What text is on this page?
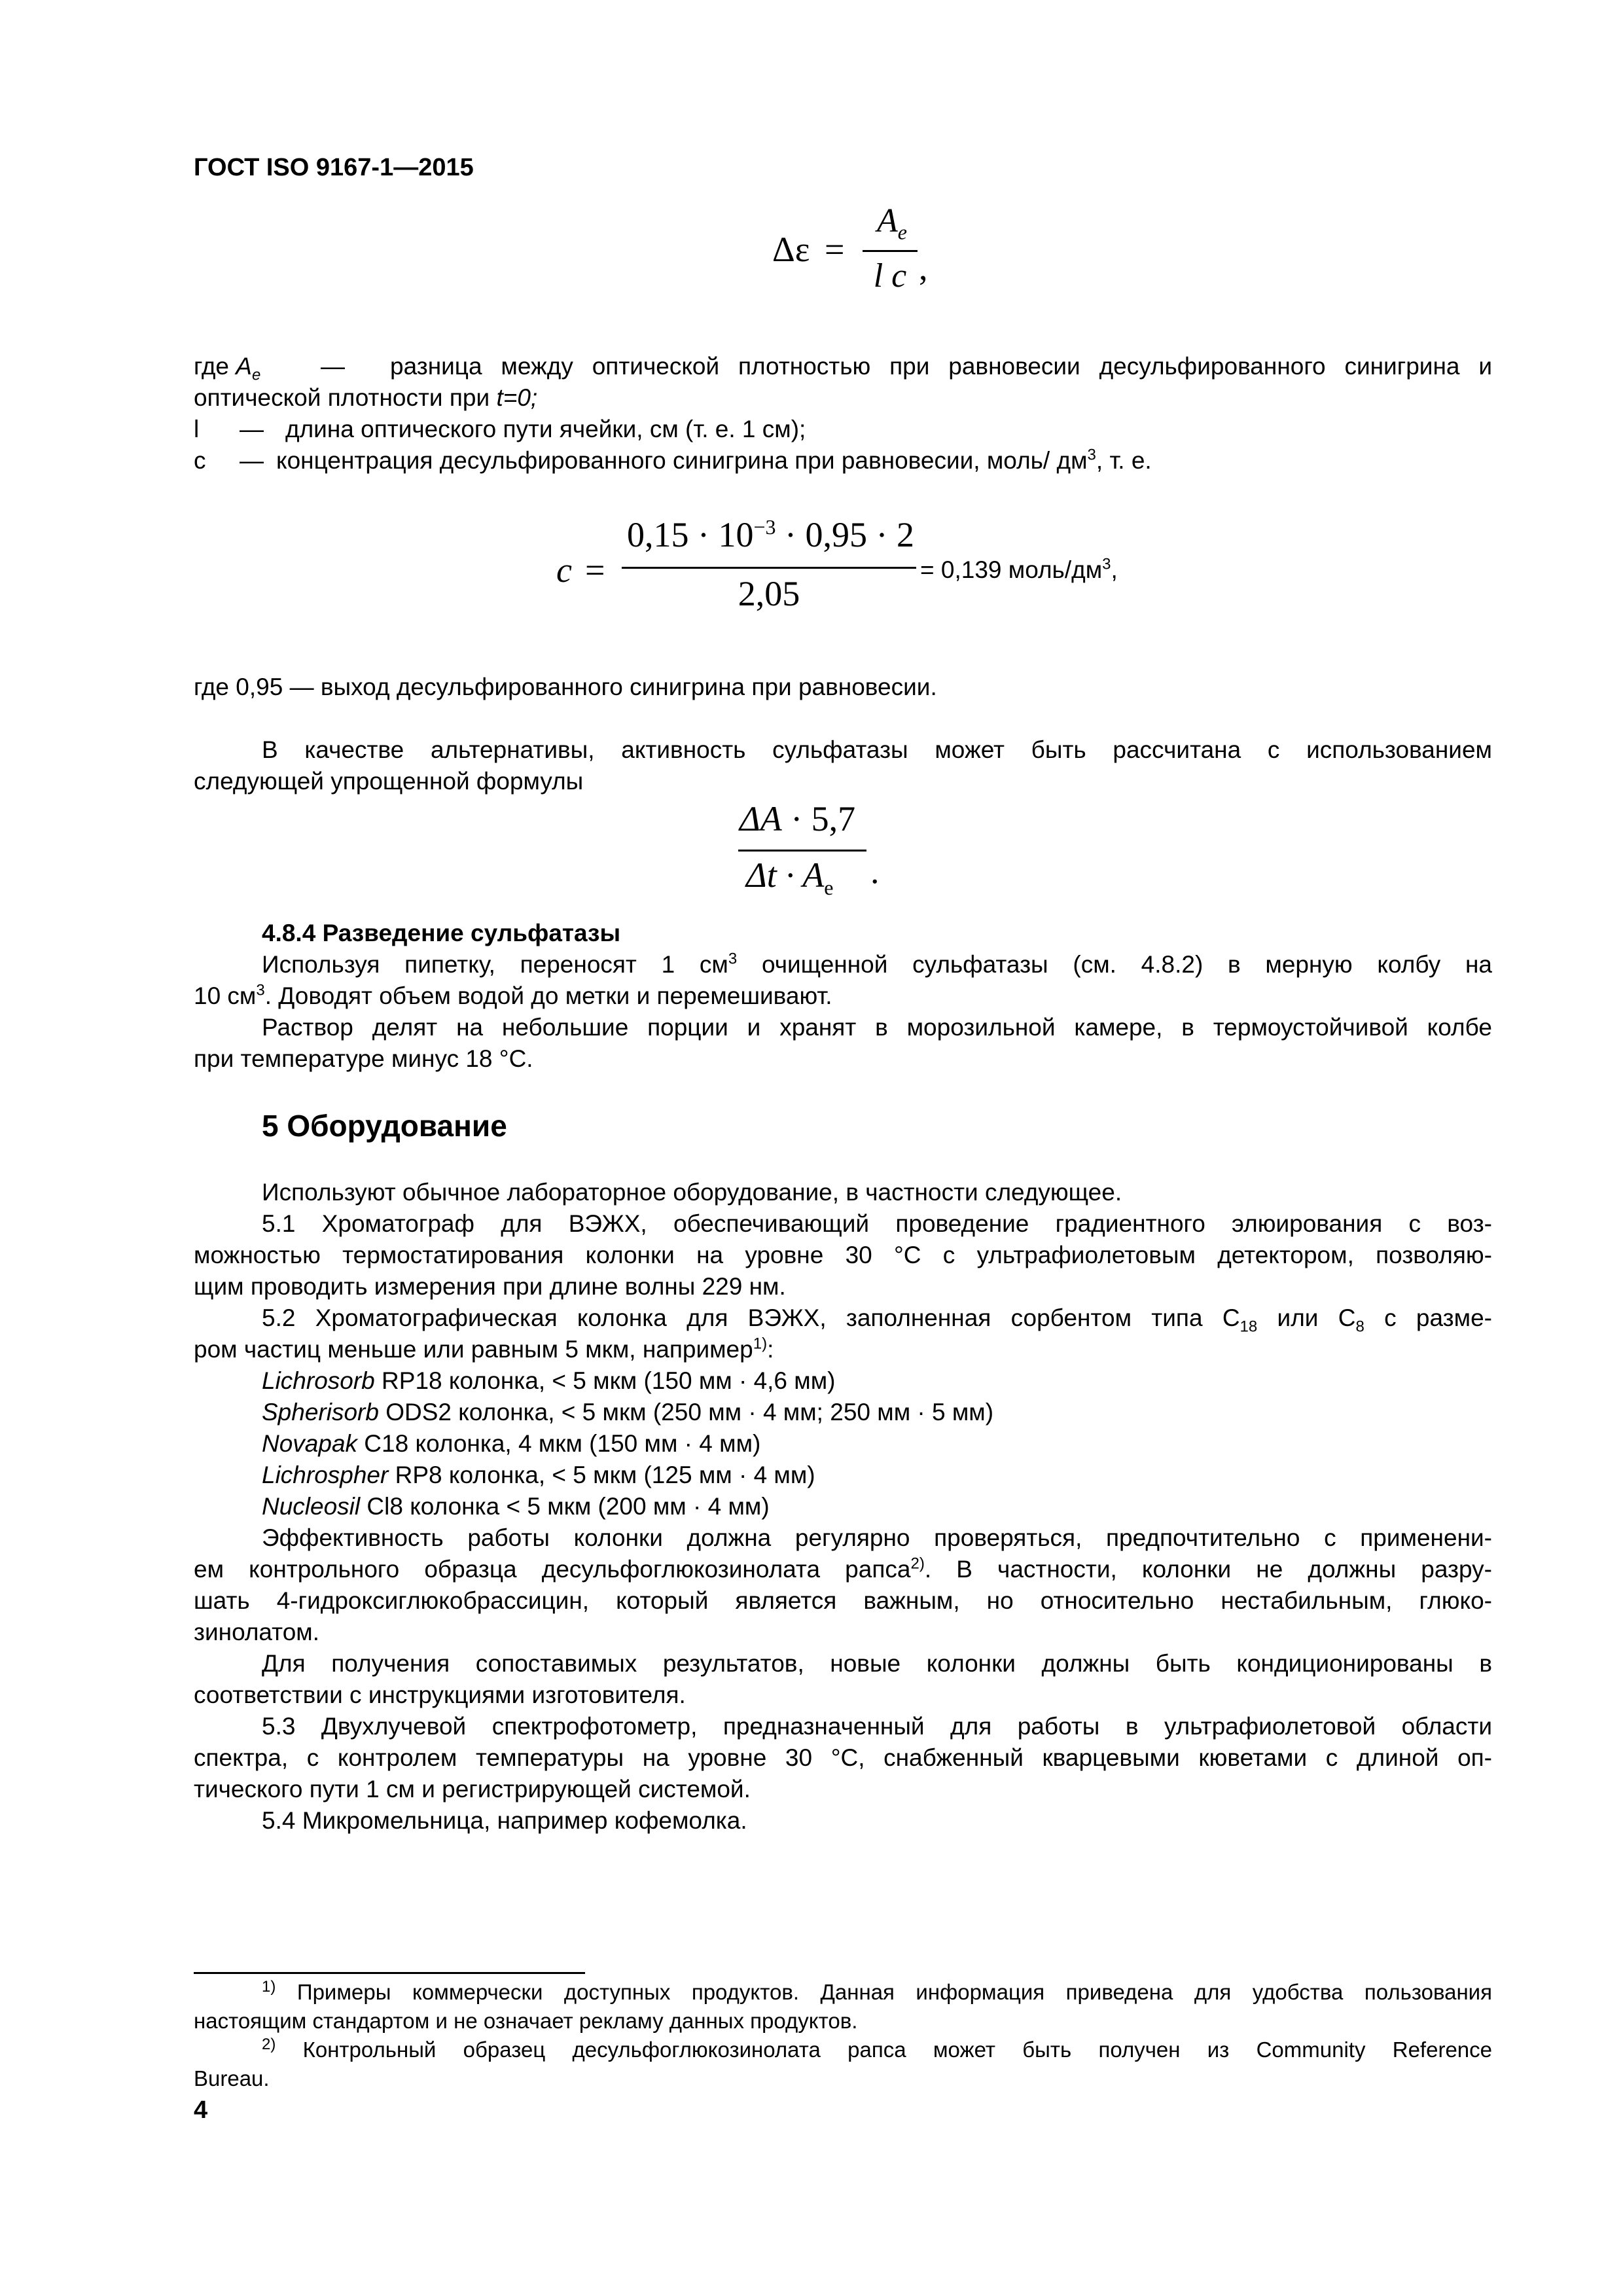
ГОСТ ISO 9167-1—2015
Δε =
$A_e$
l c ,
где $A_e$ — разница между оптической плотностью при равновесии десульфированного синигрина и
оптической плотности при t=0;
l — длина оптического пути ячейки, см (т. е. 1 см);
c — концентрация десульфированного синигрина при равновесии, моль/ $дм^3$, т. е.
c =
$0,15 \cdot 10^{-3} \cdot 0,95 \cdot 2$
2,05
= 0,139 моль/$дм^3$,
где 0,95 — выход десульфированного синигрина при равновесии.
В качестве альтернативы, активность сульфатазы может быть рассчитана с использованием
следующей упрощенной формулы
ΔA · 5,7
$\Delta t \cdot A_e$ .
4.8.4 Разведение сульфатазы
Используя пипетку, переносят 1 $см^3$ очищенной сульфатазы (см. 4.8.2) в мерную колбу на
10 $см^3$. Доводят объем водой до метки и перемешивают.
Раствор делят на небольшие порции и хранят в морозильной камере, в термоустойчивой колбе
при температуре минус 18 °С.
5 Оборудование
Используют обычное лабораторное оборудование, в частности следующее.
5.1 Хроматограф для ВЭЖХ, обеспечивающий проведение градиентного элюирования с воз-
можностью термостатирования колонки на уровне 30 °С с ультрафиолетовым детектором, позволяю-
щим проводить измерения при длине волны 229 нм.
5.2 Хроматографическая колонка для ВЭЖХ, заполненная сорбентом типа $С_{18}$ или $С_8$ с разме-
ром частиц меньше или равным 5 мкм, например$^{1)}$:
Lichrosorb RP18 колонка, < 5 мкм (150 мм · 4,6 мм)
Spherisorb ODS2 колонка, < 5 мкм (250 мм · 4 мм; 250 мм · 5 мм)
Novapak С18 колонка, 4 мкм (150 мм · 4 мм)
Lichrospher RP8 колонка, < 5 мкм (125 мм · 4 мм)
Nucleosil Cl8 колонка < 5 мкм (200 мм · 4 мм)
Эффективность работы колонки должна регулярно проверяться, предпочтительно с применени-
ем контрольного образца десульфоглюкозинолата рапса$^{2)}$. В частности, колонки не должны разру-
шать 4-гидроксиглюкобрассицин, который является важным, но относительно нестабильным, глюко-
зинолатом.
Для получения сопоставимых результатов, новые колонки должны быть кондиционированы в
соответствии с инструкциями изготовителя.
5.3 Двухлучевой спектрофотометр, предназначенный для работы в ультрафиолетовой области
спектра, с контролем температуры на уровне 30 °С, снабженный кварцевыми кюветами с длиной оп-
тического пути 1 см и регистрирующей системой.
5.4 Микромельница, например кофемолка.
$^{1)}$ Примеры коммерчески доступных продуктов. Данная информация приведена для удобства пользования
настоящим стандартом и не означает рекламу данных продуктов.
$^{2)}$ Контрольный образец десульфоглюкозинолата рапса может быть получен из Community Reference
Bureau.
4
